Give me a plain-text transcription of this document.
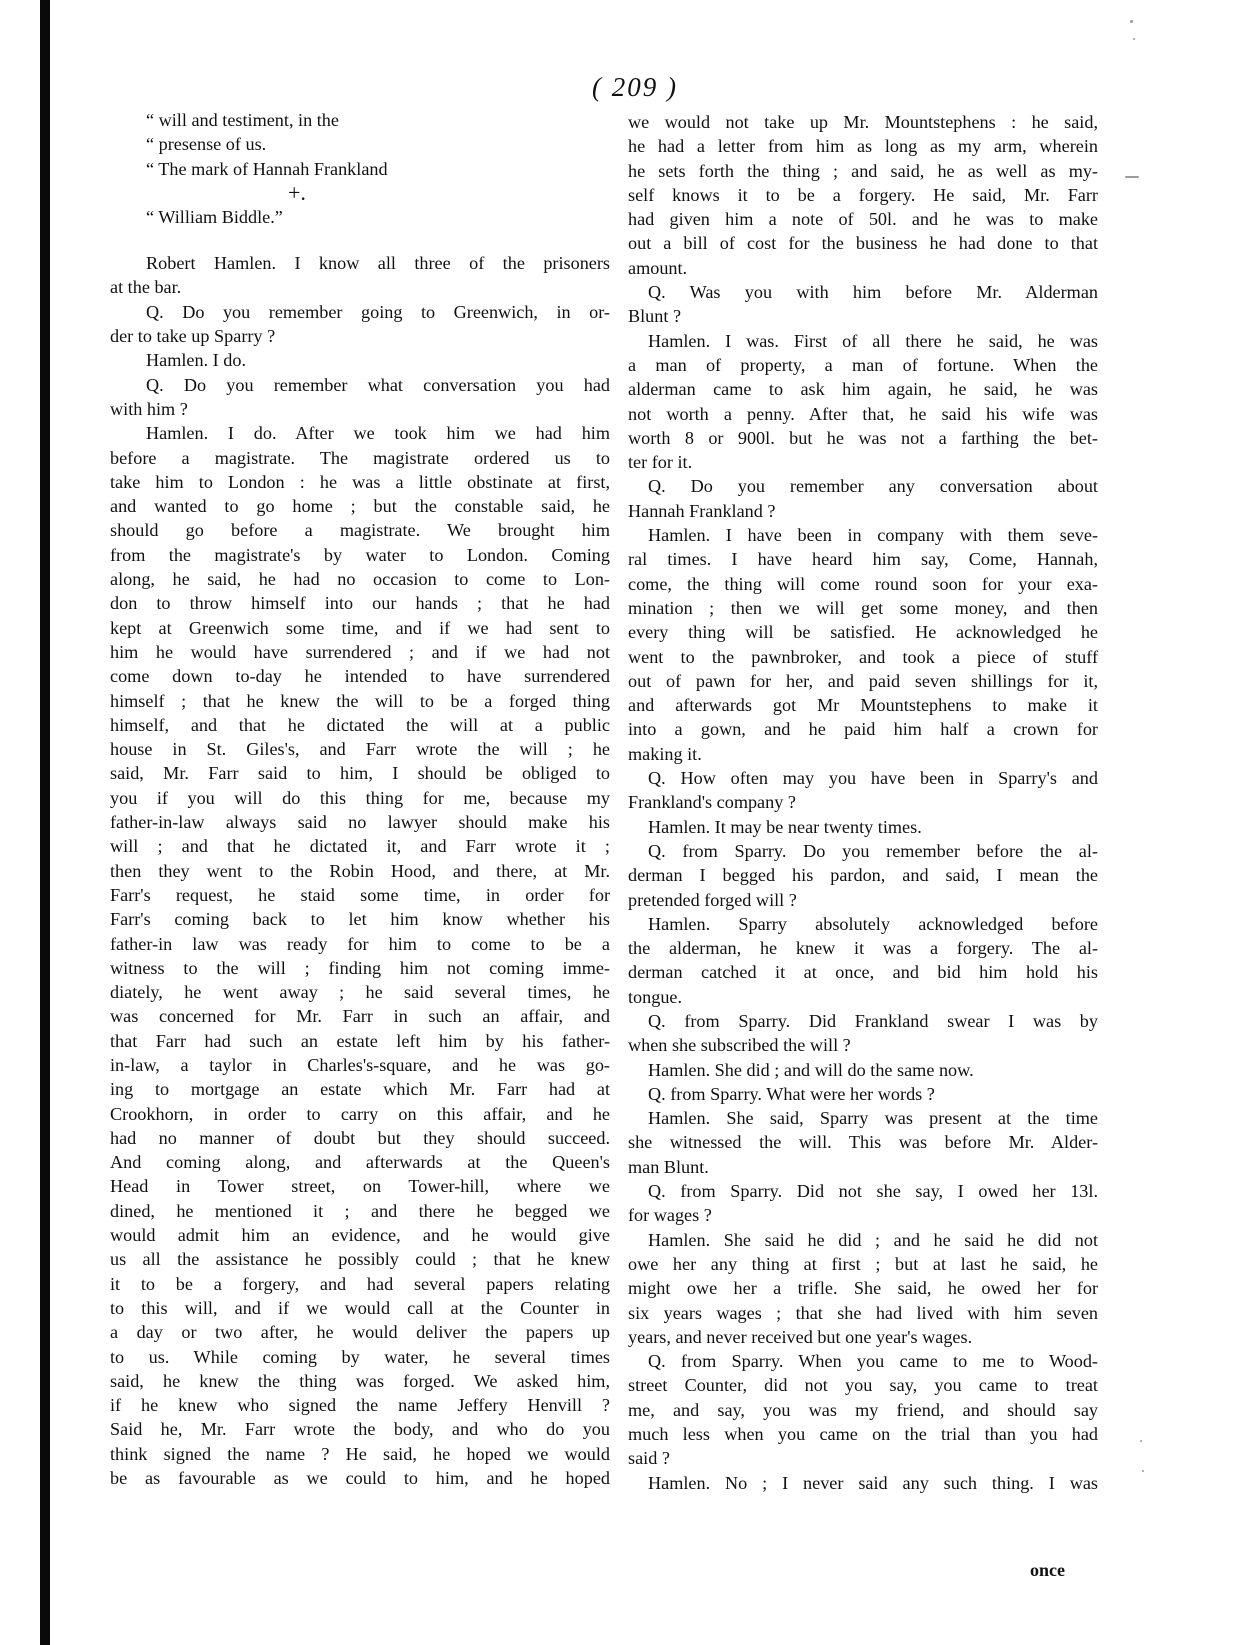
( 209 )
“ will and testiment, in the
“ presense of us.
“ The mark of Hannah Frankland
+.
“ William Biddle.”
Robert Hamlen. I know all three of the prisoners
at the bar.
Q. Do you remember going to Greenwich, in or-
der to take up Sparry ?
Hamlen. I do.
Q. Do you remember what conversation you had
with him ?
Hamlen. I do. After we took him we had him
before a magistrate. The magistrate ordered us to
take him to London : he was a little obstinate at first,
and wanted to go home ; but the constable said, he
should go before a magistrate. We brought him
from the magistrate's by water to London. Coming
along, he said, he had no occasion to come to Lon-
don to throw himself into our hands ; that he had
kept at Greenwich some time, and if we had sent to
him he would have surrendered ; and if we had not
come down to-day he intended to have surrendered
himself ; that he knew the will to be a forged thing
himself, and that he dictated the will at a public
house in St. Giles's, and Farr wrote the will ; he
said, Mr. Farr said to him, I should be obliged to
you if you will do this thing for me, because my
father-in-law always said no lawyer should make his
will ; and that he dictated it, and Farr wrote it ;
then they went to the Robin Hood, and there, at Mr.
Farr's request, he staid some time, in order for
Farr's coming back to let him know whether his
father-in law was ready for him to come to be a
witness to the will ; finding him not coming imme-
diately, he went away ; he said several times, he
was concerned for Mr. Farr in such an affair, and
that Farr had such an estate left him by his father-
in-law, a taylor in Charles's-square, and he was go-
ing to mortgage an estate which Mr. Farr had at
Crookhorn, in order to carry on this affair, and he
had no manner of doubt but they should succeed.
And coming along, and afterwards at the Queen's
Head in Tower street, on Tower-hill, where we
dined, he mentioned it ; and there he begged we
would admit him an evidence, and he would give
us all the assistance he possibly could ; that he knew
it to be a forgery, and had several papers relating
to this will, and if we would call at the Counter in
a day or two after, he would deliver the papers up
to us. While coming by water, he several times
said, he knew the thing was forged. We asked him,
if he knew who signed the name Jeffery Henvill ?
Said he, Mr. Farr wrote the body, and who do you
think signed the name ? He said, he hoped we would
be as favourable as we could to him, and he hoped
we would not take up Mr. Mountstephens : he said,
he had a letter from him as long as my arm, wherein
he sets forth the thing ; and said, he as well as my-
self knows it to be a forgery. He said, Mr. Farr
had given him a note of 50l. and he was to make
out a bill of cost for the business he had done to that
amount.
Q. Was you with him before Mr. Alderman
Blunt ?
Hamlen. I was. First of all there he said, he was
a man of property, a man of fortune. When the
alderman came to ask him again, he said, he was
not worth a penny. After that, he said his wife was
worth 8 or 900l. but he was not a farthing the bet-
ter for it.
Q. Do you remember any conversation about
Hannah Frankland ?
Hamlen. I have been in company with them seve-
ral times. I have heard him say, Come, Hannah,
come, the thing will come round soon for your exa-
mination ; then we will get some money, and then
every thing will be satisfied. He acknowledged he
went to the pawnbroker, and took a piece of stuff
out of pawn for her, and paid seven shillings for it,
and afterwards got Mr Mountstephens to make it
into a gown, and he paid him half a crown for
making it.
Q. How often may you have been in Sparry's and
Frankland's company ?
Hamlen. It may be near twenty times.
Q. from Sparry. Do you remember before the al-
derman I begged his pardon, and said, I mean the
pretended forged will ?
Hamlen. Sparry absolutely acknowledged before
the alderman, he knew it was a forgery. The al-
derman catched it at once, and bid him hold his
tongue.
Q. from Sparry. Did Frankland swear I was by
when she subscribed the will ?
Hamlen. She did ; and will do the same now.
Q. from Sparry. What were her words ?
Hamlen. She said, Sparry was present at the time
she witnessed the will. This was before Mr. Alder-
man Blunt.
Q. from Sparry. Did not she say, I owed her 13l.
for wages ?
Hamlen. She said he did ; and he said he did not
owe her any thing at first ; but at last he said, he
might owe her a trifle. She said, he owed her for
six years wages ; that she had lived with him seven
years, and never received but one year's wages.
Q. from Sparry. When you came to me to Wood-
street Counter, did not you say, you came to treat
me, and say, you was my friend, and should say
much less when you came on the trial than you had
said ?
Hamlen. No ; I never said any such thing. I was
once
